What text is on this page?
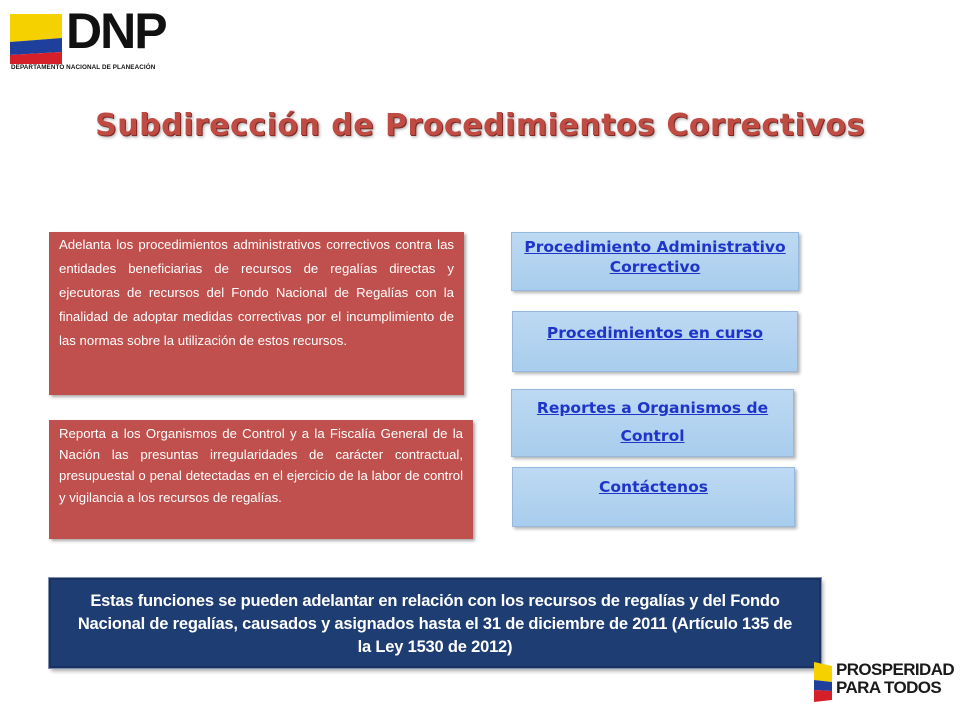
DNP
DEPARTAMENTO NACIONAL DE PLANEACIÓN
Subdirección de Procedimientos Correctivos
Adelanta los procedimientos administrativos correctivos contra las entidades beneficiarias de recursos de regalías directas y ejecutoras de recursos del Fondo Nacional de Regalías con la finalidad de adoptar medidas correctivas por el incumplimiento de las normas sobre la utilización de estos recursos.
Reporta a los Organismos de Control y a la Fiscalía General de la Nación las presuntas irregularidades de carácter contractual, presupuestal o penal detectadas en el ejercicio de la labor de control y vigilancia a los recursos de regalías.
Procedimiento Administrativo Correctivo
Procedimientos en curso
Reportes a Organismos de Control
Contáctenos
Estas funciones se pueden adelantar en relación con los recursos de regalías y del Fondo Nacional de regalías, causados y asignados hasta el 31 de diciembre de 2011 (Artículo 135 de la Ley 1530 de 2012)
PROSPERIDAD
PARA TODOS
